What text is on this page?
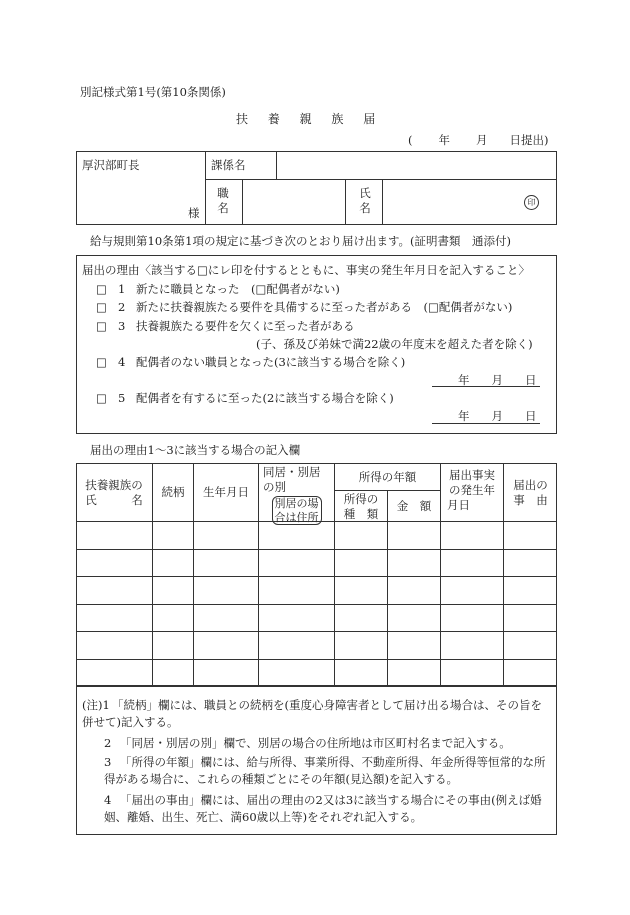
別記様式第1号(第10条関係)
扶養親族届
( 年 月 日提出)
厚沢部町長
様
課係名
職
名
氏
名	印
給与規則第10条第1項の規定に基づき次のとおり届け出ます。(証明書類　通添付)
届出の理由〈該当する□にレ印を付するとともに、事実の発生年月日を記入すること〉
□ 1 新たに職員となった　(□配偶者がない)
□ 2 新たに扶養親族たる要件を具備するに至った者がある　(□配偶者がない)
□ 3 扶養親族たる要件を欠くに至った者がある
(子、孫及び弟妹で満22歳の年度末を超えた者を除く)
□ 4 配偶者のない職員となった(3に該当する場合を除く)
年 月 日
□ 5 配偶者を有するに至った(2に該当する場合を除く)
年 月 日
届出の理由1～3に該当する場合の記入欄
扶養親族の
氏　　　名
続柄	生年月日
同居・別居
の別
別居の場
合は住所
所得の年額
所得の
種　類
金　額
届出事実
の発生年
月日
届出の
事　由
(注)1 「続柄」欄には、職員との続柄を(重度心身障害者として届け出る場合は、その旨を併せて)記入する。
2 「同居・別居の別」欄で、別居の場合の住所地は市区町村名まで記入する。
3 「所得の年額」欄には、給与所得、事業所得、不動産所得、年金所得等恒常的な所得がある場合に、これらの種類ごとにその年額(見込額)を記入する。
4 「届出の事由」欄には、届出の理由の2又は3に該当する場合にその事由(例えば婚姻、離婚、出生、死亡、満60歳以上等)をそれぞれ記入する。
